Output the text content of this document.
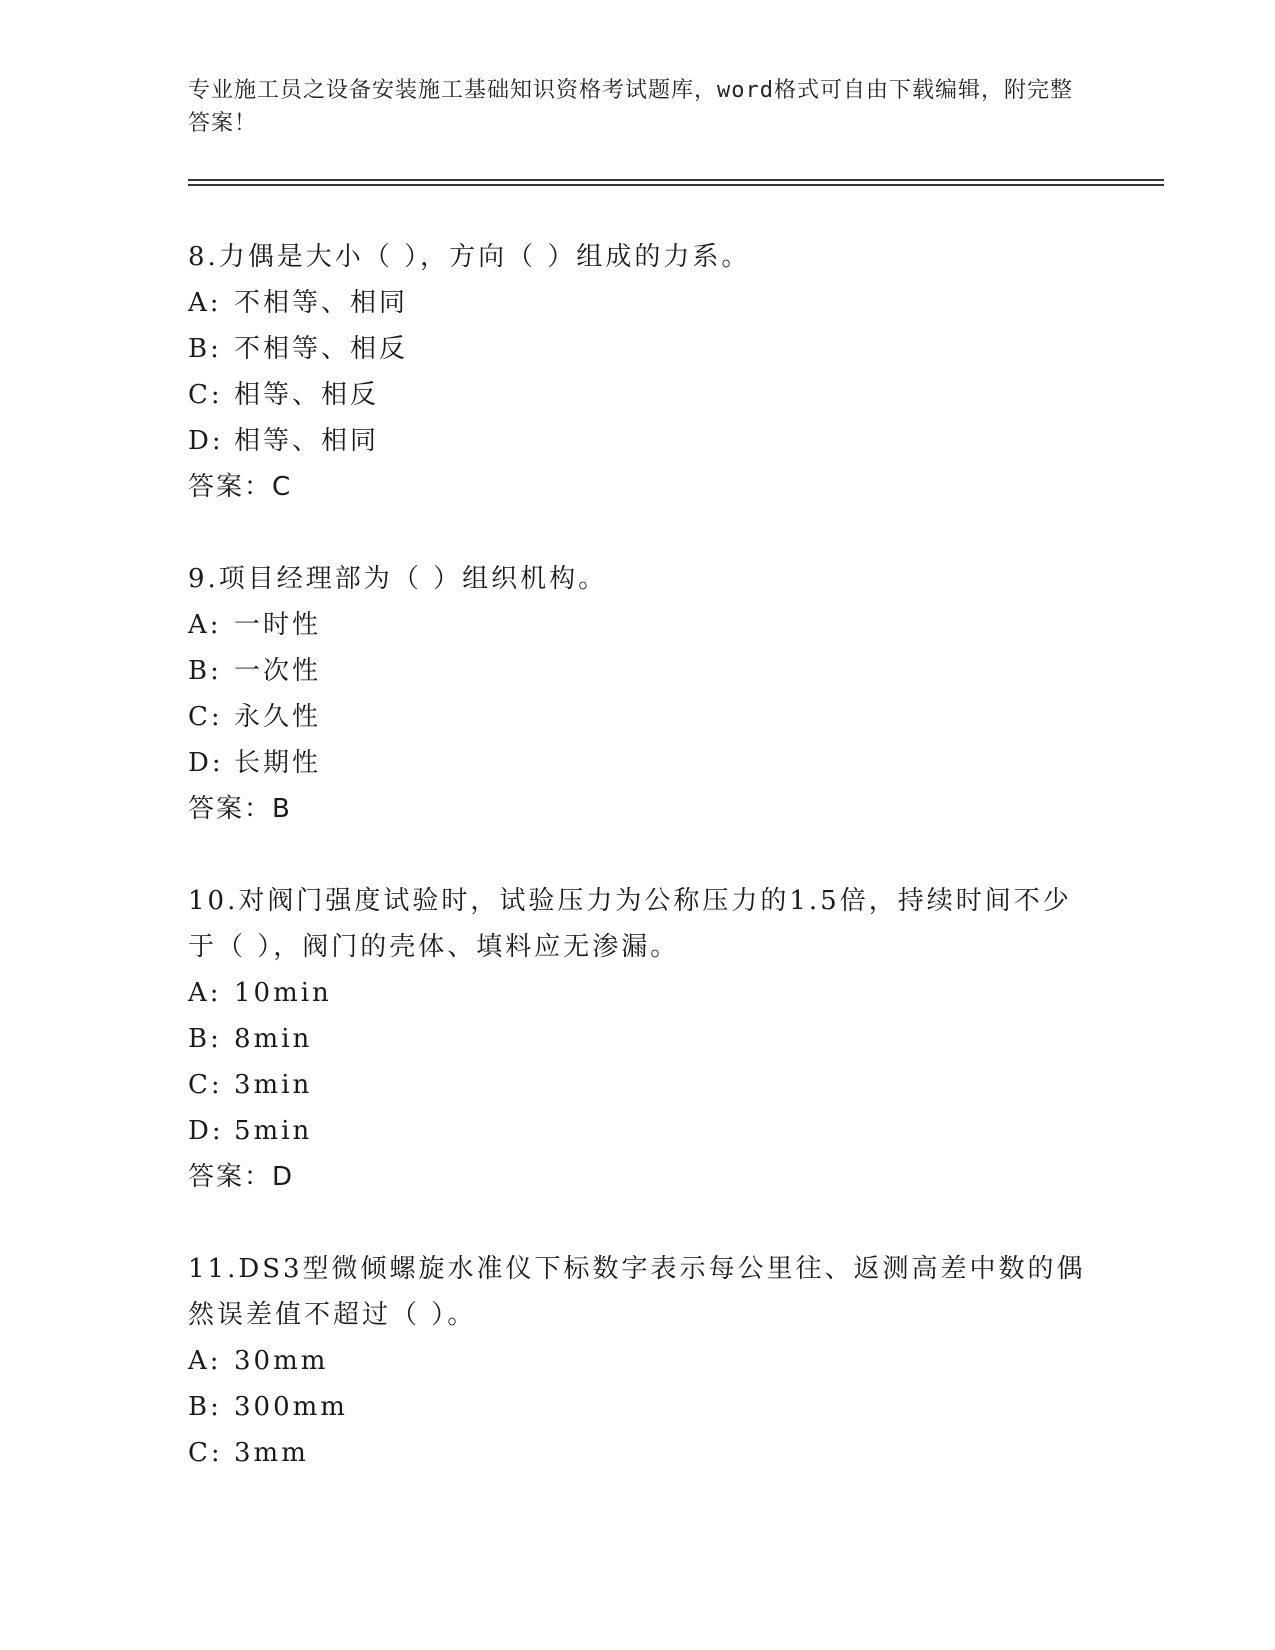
专业施工员之设备安装施工基础知识资格考试题库，word格式可自由下载编辑，附完整答案！

8.力偶是大小（ ），方向（ ）组成的力系。

A: 不相等、相同

B: 不相等、相反

C: 相等、相反

D: 相等、相同

答案：C

9.项目经理部为（ ）组织机构。

A: 一时性

B: 一次性

C: 永久性

D: 长期性

答案：B

10.对阀门强度试验时，试验压力为公称压力的1.5倍，持续时间不少于（ ），阀门的壳体、填料应无渗漏。

A: 10min

B: 8min

C: 3min

D: 5min

答案：D

11.DS3型微倾螺旋水准仪下标数字表示每公里往、返测高差中数的偶然误差值不超过（ ）。

A: 30mm

B: 300mm

C: 3mm
